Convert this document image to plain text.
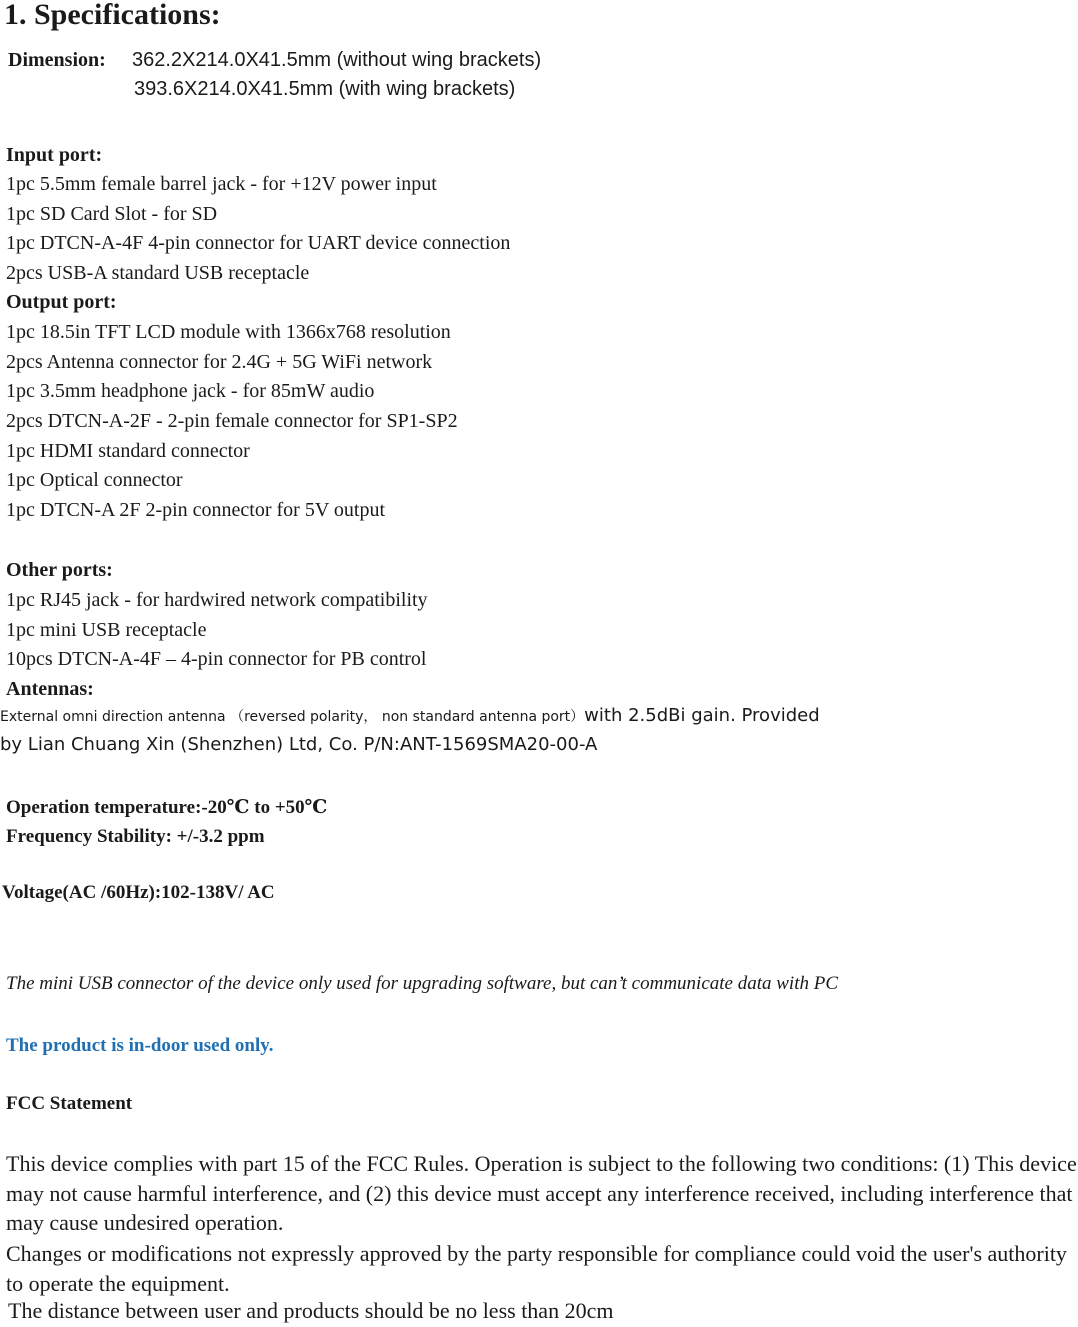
1. Specifications:
Dimension: 362.2X214.0X41.5mm (without wing brackets)
393.6X214.0X41.5mm (with wing brackets)
Input port:
1pc 5.5mm female barrel jack - for +12V power input
1pc SD Card Slot - for SD
1pc DTCN-A-4F 4-pin connector for UART device connection
2pcs USB-A standard USB receptacle
Output port:
1pc 18.5in TFT LCD module with 1366x768 resolution
2pcs Antenna connector for 2.4G + 5G WiFi network
1pc 3.5mm headphone jack - for 85mW audio
2pcs DTCN-A-2F - 2-pin female connector for SP1-SP2
1pc HDMI standard connector
1pc Optical connector
1pc DTCN-A 2F 2-pin connector for 5V output
Other ports:
1pc RJ45 jack - for hardwired network compatibility
1pc mini USB receptacle
10pcs DTCN-A-4F – 4-pin connector for PB control
Antennas:
External omni direction antenna （reversed polarity， non standard antenna port）with 2.5dBi gain. Provided
by Lian Chuang Xin (Shenzhen) Ltd, Co. P/N:ANT-1569SMA20-00-A
Operation temperature:-20℃ to +50℃
Frequency Stability: +/-3.2 ppm
Voltage(AC /60Hz):102-138V/ AC
The mini USB connector of the device only used for upgrading software, but can’t communicate data with PC
The product is in-door used only.
FCC Statement
This device complies with part 15 of the FCC Rules. Operation is subject to the following two conditions: (1) This device may not cause harmful interference, and (2) this device must accept any interference received, including interference that may cause undesired operation.
Changes or modifications not expressly approved by the party responsible for compliance could void the user's authority to operate the equipment.
The distance between user and products should be no less than 20cm
